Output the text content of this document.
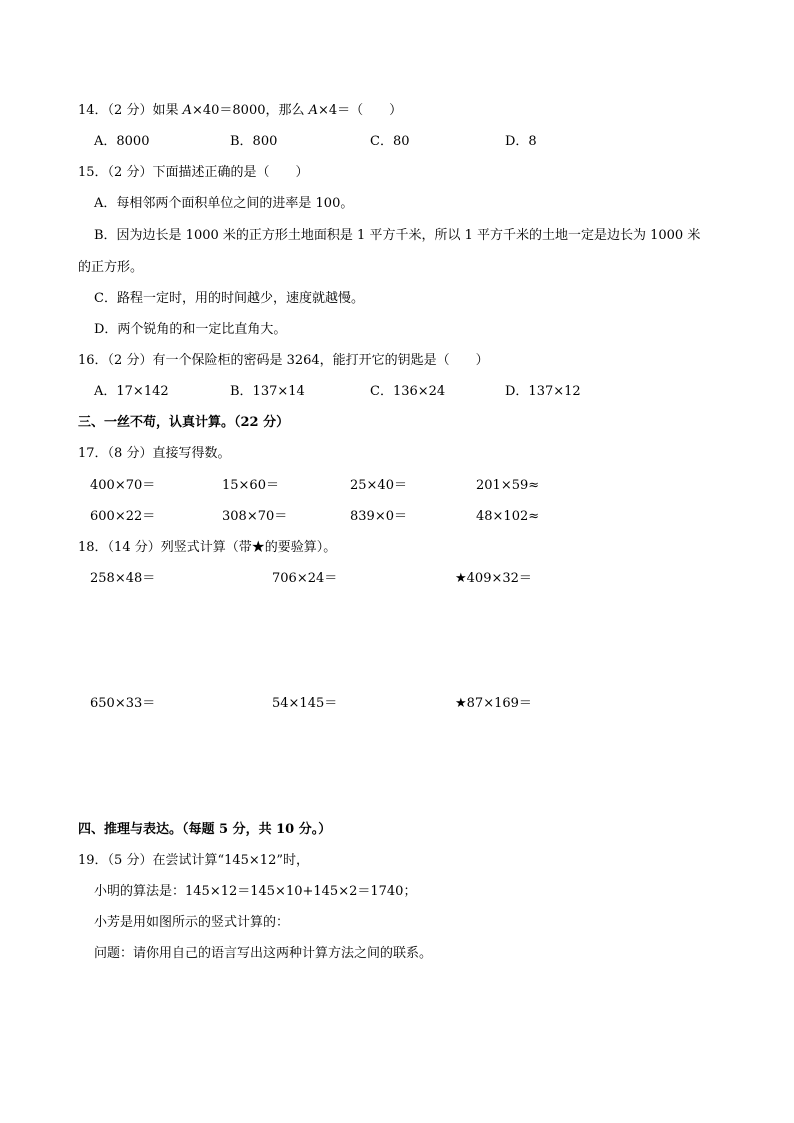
14．（2 分）如果 A×40＝8000，那么 A×4＝（　　）
A．8000	B．800	C．80	D．8
15．（2 分）下面描述正确的是（　　）
A．每相邻两个面积单位之间的进率是 100。
B．因为边长是 1000 米的正方形土地面积是 1 平方千米，所以 1 平方千米的土地一定是边长为 1000 米
的正方形。
C．路程一定时，用的时间越少，速度就越慢。
D．两个锐角的和一定比直角大。
16．（2 分）有一个保险柜的密码是 3264，能打开它的钥匙是（　　）
A．17×142	B．137×14	C．136×24	D．137×12
三、一丝不苟，认真计算。（22 分）
17．（8 分）直接写得数。
400×70＝	15×60＝	25×40＝	201×59≈
600×22＝	308×70＝	839×0＝	48×102≈
18．（14 分）列竖式计算（带★的要验算）。
258×48＝	706×24＝	★409×32＝
650×33＝	54×145＝	★87×169＝
四、推理与表达。（每题 5 分，共 10 分。）
19．（5 分）在尝试计算“145×12”时，
小明的算法是：145×12＝145×10+145×2＝1740；
小芳是用如图所示的竖式计算的：
问题：请你用自己的语言写出这两种计算方法之间的联系。
